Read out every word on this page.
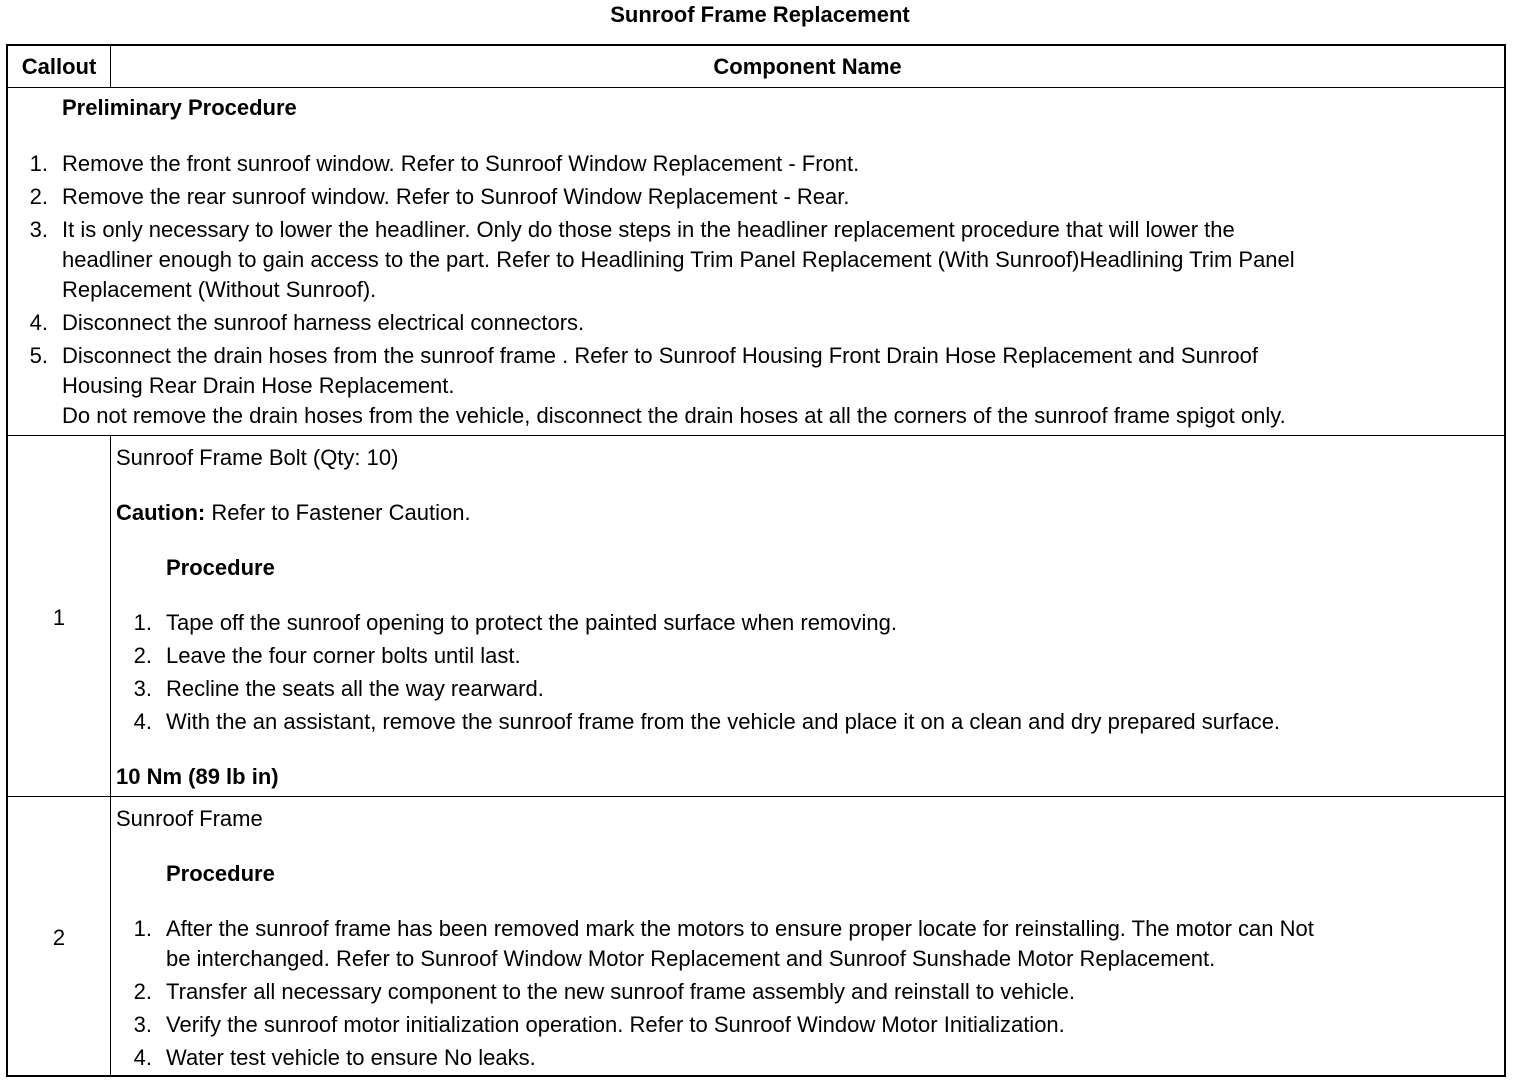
Sunroof Frame Replacement
Callout	Component Name
Preliminary Procedure
1. Remove the front sunroof window. Refer to Sunroof Window Replacement - Front.
2. Remove the rear sunroof window. Refer to Sunroof Window Replacement - Rear.
3. It is only necessary to lower the headliner. Only do those steps in the headliner replacement procedure that will lower the
headliner enough to gain access to the part. Refer to Headlining Trim Panel Replacement (With Sunroof)Headlining Trim Panel
Replacement (Without Sunroof).
4. Disconnect the sunroof harness electrical connectors.
5. Disconnect the drain hoses from the sunroof frame . Refer to Sunroof Housing Front Drain Hose Replacement and Sunroof
Housing Rear Drain Hose Replacement.
Do not remove the drain hoses from the vehicle, disconnect the drain hoses at all the corners of the sunroof frame spigot only.
1
Sunroof Frame Bolt (Qty: 10)
Caution: Refer to Fastener Caution.
Procedure
1. Tape off the sunroof opening to protect the painted surface when removing.
2. Leave the four corner bolts until last.
3. Recline the seats all the way rearward.
4. With the an assistant, remove the sunroof frame from the vehicle and place it on a clean and dry prepared surface.
10 Nm (89 lb in)
2
Sunroof Frame
Procedure
1. After the sunroof frame has been removed mark the motors to ensure proper locate for reinstalling. The motor can Not
be interchanged. Refer to Sunroof Window Motor Replacement and Sunroof Sunshade Motor Replacement.
2. Transfer all necessary component to the new sunroof frame assembly and reinstall to vehicle.
3. Verify the sunroof motor initialization operation. Refer to Sunroof Window Motor Initialization.
4. Water test vehicle to ensure No leaks.
